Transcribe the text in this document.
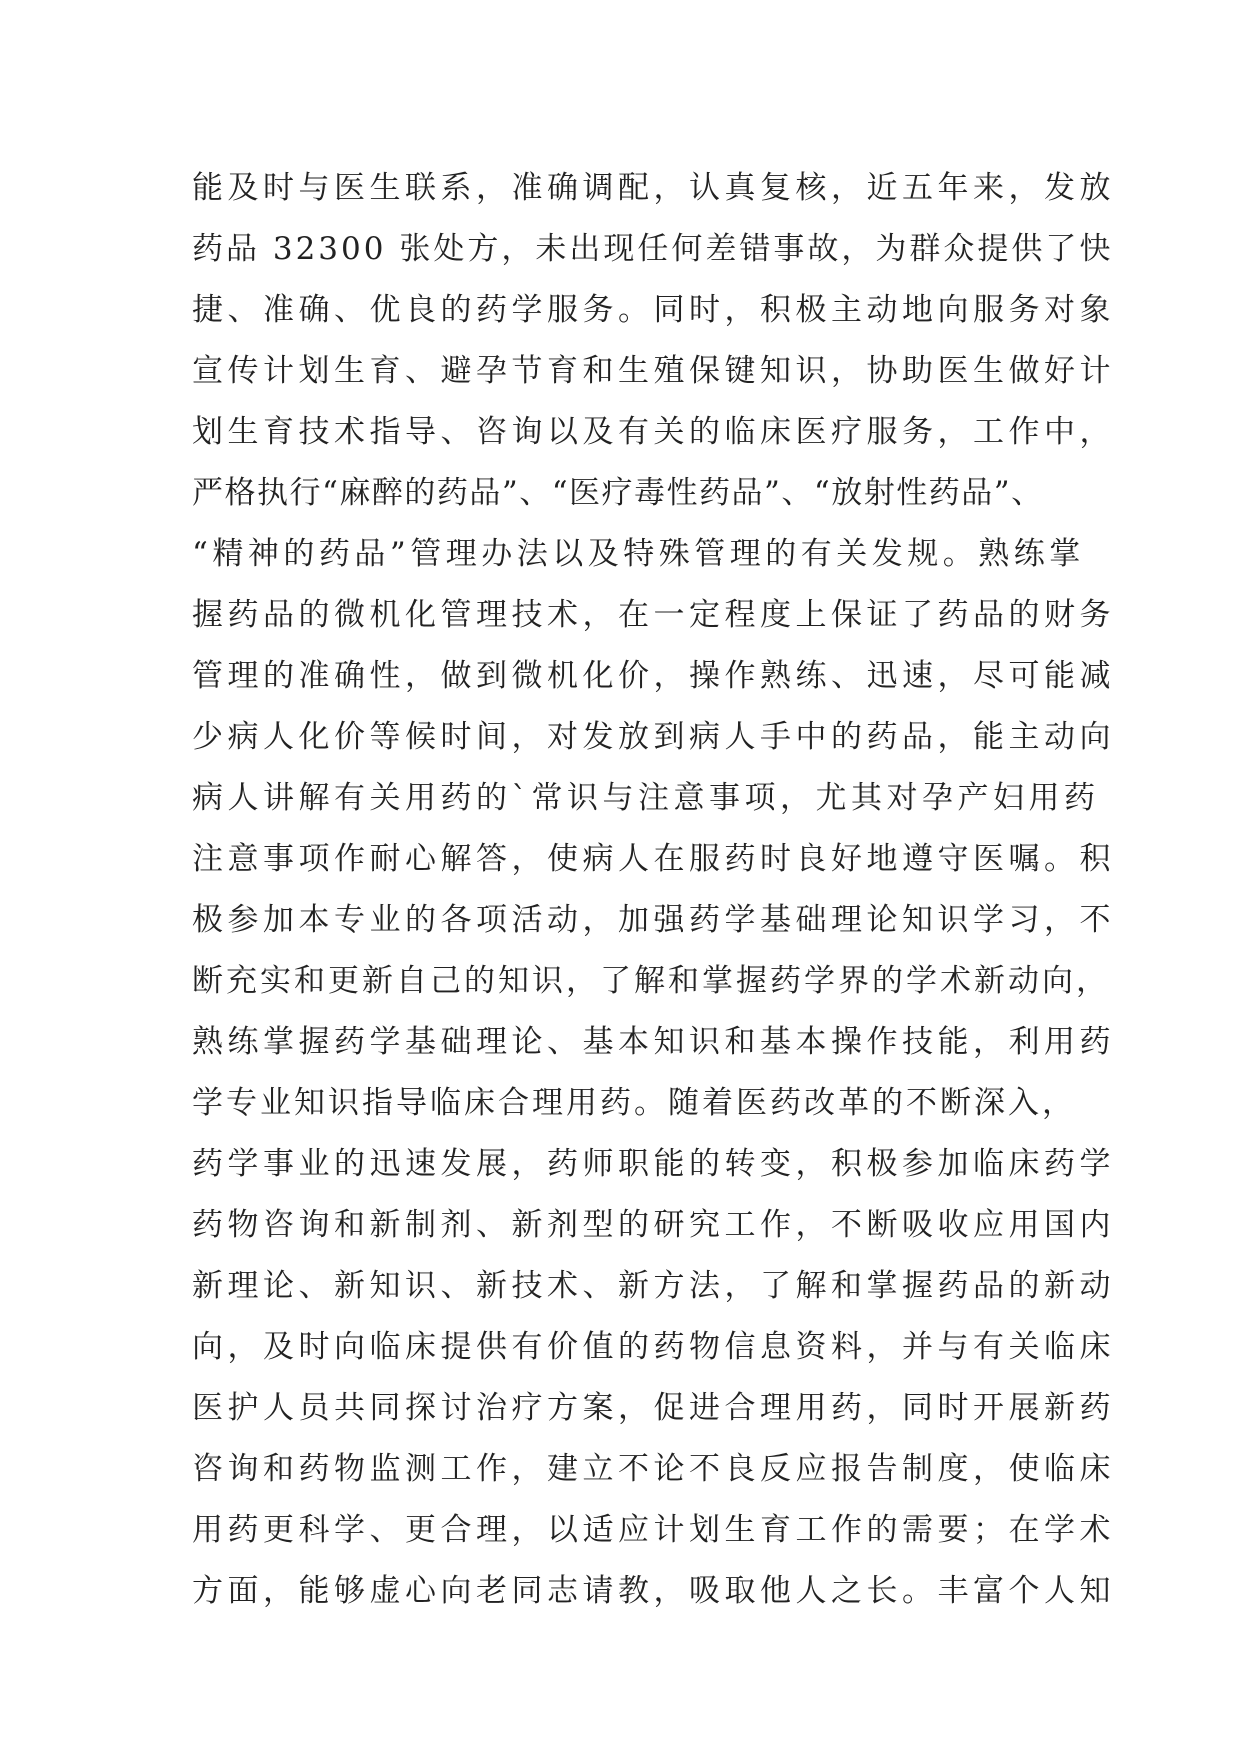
能及时与医生联系，准确调配，认真复核，近五年来，发放
药品 32300 张处方，未出现任何差错事故，为群众提供了快
捷、准确、优良的药学服务。同时，积极主动地向服务对象
宣传计划生育、避孕节育和生殖保键知识，协助医生做好计
划生育技术指导、咨询以及有关的临床医疗服务，工作中，
严格执行“麻醉的药品”、“医疗毒性药品”、“放射性药品”、
“精神的药品”管理办法以及特殊管理的有关发规。熟练掌
握药品的微机化管理技术，在一定程度上保证了药品的财务
管理的准确性，做到微机化价，操作熟练、迅速，尽可能减
少病人化价等候时间，对发放到病人手中的药品，能主动向
病人讲解有关用药的`常识与注意事项，尤其对孕产妇用药
注意事项作耐心解答，使病人在服药时良好地遵守医嘱。积
极参加本专业的各项活动，加强药学基础理论知识学习，不
断充实和更新自己的知识，了解和掌握药学界的学术新动向，
熟练掌握药学基础理论、基本知识和基本操作技能，利用药
学专业知识指导临床合理用药。随着医药改革的不断深入，
药学事业的迅速发展，药师职能的转变，积极参加临床药学
药物咨询和新制剂、新剂型的研究工作，不断吸收应用国内
新理论、新知识、新技术、新方法，了解和掌握药品的新动
向，及时向临床提供有价值的药物信息资料，并与有关临床
医护人员共同探讨治疗方案，促进合理用药，同时开展新药
咨询和药物监测工作，建立不论不良反应报告制度，使临床
用药更科学、更合理，以适应计划生育工作的需要；在学术
方面，能够虚心向老同志请教，吸取他人之长。丰富个人知
